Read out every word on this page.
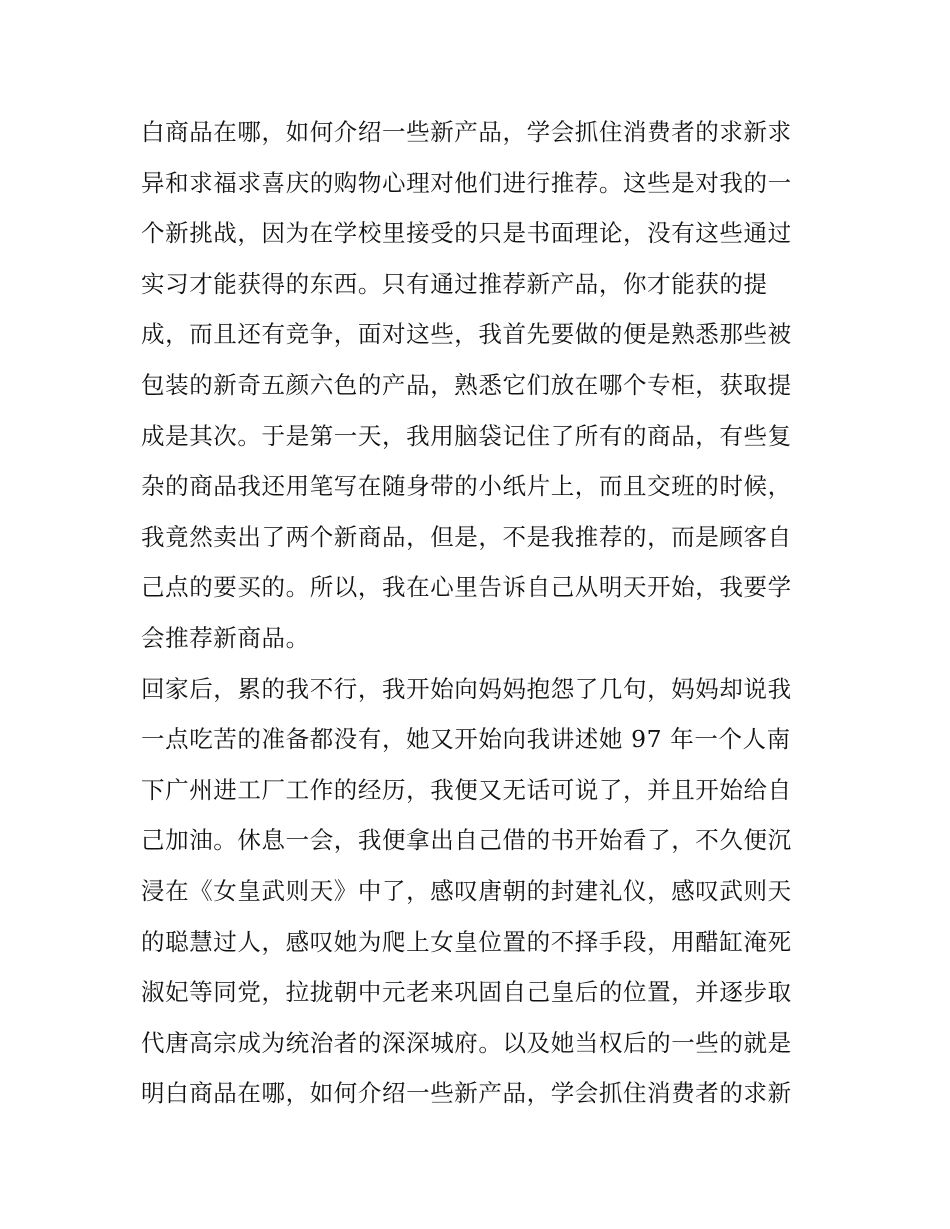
白商品在哪，如何介绍一些新产品，学会抓住消费者的求新求
异和求福求喜庆的购物心理对他们进行推荐。这些是对我的一
个新挑战，因为在学校里接受的只是书面理论，没有这些通过
实习才能获得的东西。只有通过推荐新产品，你才能获的提
成，而且还有竞争，面对这些，我首先要做的便是熟悉那些被
包装的新奇五颜六色的产品，熟悉它们放在哪个专柜，获取提
成是其次。于是第一天，我用脑袋记住了所有的商品，有些复
杂的商品我还用笔写在随身带的小纸片上，而且交班的时候，
我竟然卖出了两个新商品，但是，不是我推荐的，而是顾客自
己点的要买的。所以，我在心里告诉自己从明天开始，我要学
会推荐新商品。
回家后，累的我不行，我开始向妈妈抱怨了几句，妈妈却说我
一点吃苦的准备都没有，她又开始向我讲述她 97 年一个人南
下广州进工厂工作的经历，我便又无话可说了，并且开始给自
己加油。休息一会，我便拿出自己借的书开始看了，不久便沉
浸在《女皇武则天》中了，感叹唐朝的封建礼仪，感叹武则天
的聪慧过人，感叹她为爬上女皇位置的不择手段，用醋缸淹死
淑妃等同党，拉拢朝中元老来巩固自己皇后的位置，并逐步取
代唐高宗成为统治者的深深城府。以及她当权后的一些的就是
明白商品在哪，如何介绍一些新产品，学会抓住消费者的求新
